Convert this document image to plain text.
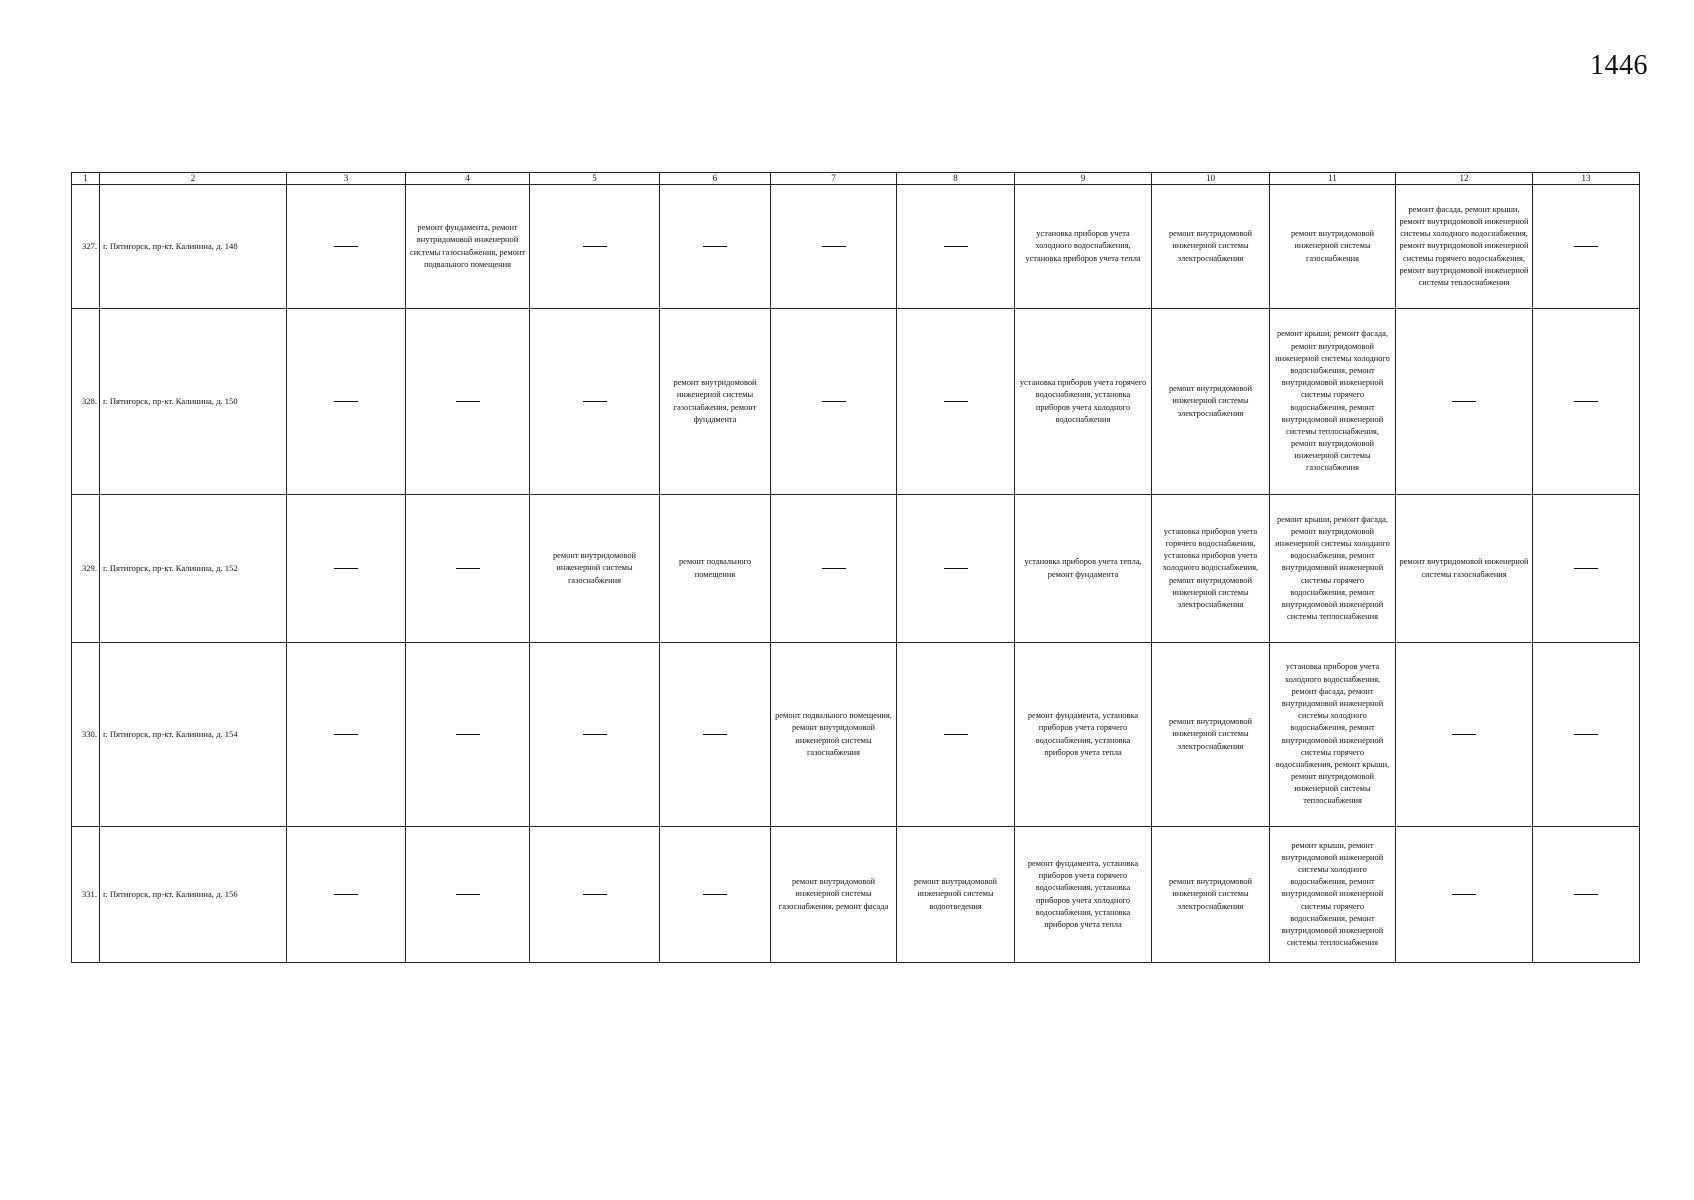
1446
1	2	3	4	5	6	7	8	9	10	11	12	13
327.	г. Пятигорск, пр-кт. Калинина, д. 148		ремонт фундамента, ремонт внутридомовой инженерной системы газоснабжения, ремонт подвального помещения					установка приборов учета холодного водоснабжения, установка приборов учета тепла	ремонт внутридомовой инженерной системы электроснабжения	ремонт внутридомовой инженерной системы газоснабжения	ремонт фасада, ремонт крыши, ремонт внутридомовой инженерной системы холодного водоснабжения, ремонт внутридомовой инженерной системы горячего водоснабжения, ремонт внутридомовой инженерной системы теплоснабжения	
328.	г. Пятигорск, пр-кт. Калинина, д. 150				ремонт внутридомовой инженерной системы газоснабжения, ремонт фундамента			установка приборов учета горячего водоснабжения, установка приборов учета холодного водоснабжения	ремонт внутридомовой инженерной системы электроснабжения	ремонт крыши, ремонт фасада, ремонт внутридомовой инженерной системы холодного водоснабжения, ремонт внутридомовой инженерной системы горячего водоснабжения, ремонт внутридомовой инженерной системы теплоснабжения, ремонт внутридомовой инженерной системы газоснабжения		
329.	г. Пятигорск, пр-кт. Калинина, д. 152			ремонт внутридомовой инженерной системы газоснабжения	ремонт подвального помещения			установка приборов учета тепла, ремонт фундамента	установка приборов учета горячего водоснабжения, установка приборов учета холодного водоснабжения, ремонт внутридомовой инженерной системы электроснабжения	ремонт крыши, ремонт фасада, ремонт внутридомовой инженерной системы холодного водоснабжения, ремонт внутридомовой инженерной системы горячего водоснабжения, ремонт внутридомовой инженерной системы теплоснабжения	ремонт внутридомовой инженерной системы газоснабжения	
330.	г. Пятигорск, пр-кт. Калинина, д. 154					ремонт подвального помещения, ремонт внутридомовой инженерной системы газоснабжения		ремонт фундамента, установка приборов учета горячего водоснабжения, установка приборов учета тепла	ремонт внутридомовой инженерной системы электроснабжения	установка приборов учета холодного водоснабжения, ремонт фасада, ремонт внутридомовой инженерной системы холодного водоснабжения, ремонт внутридомовой инженерной системы горячего водоснабжения, ремонт крыши, ремонт внутридомовой инженерной системы теплоснабжения		
331.	г. Пятигорск, пр-кт. Калинина, д. 156					ремонт внутридомовой инженерной системы газоснабжения, ремонт фасада	ремонт внутридомовой инженерной системы водоотведения	ремонт фундамента, установка приборов учета горячего водоснабжения, установка приборов учета холодного водоснабжения, установка приборов учета тепла	ремонт внутридомовой инженерной системы электроснабжения	ремонт крыши, ремонт внутридомовой инженерной системы холодного водоснабжения, ремонт внутридомовой инженерной системы горячего водоснабжения, ремонт внутридомовой инженерной системы теплоснабжения		
